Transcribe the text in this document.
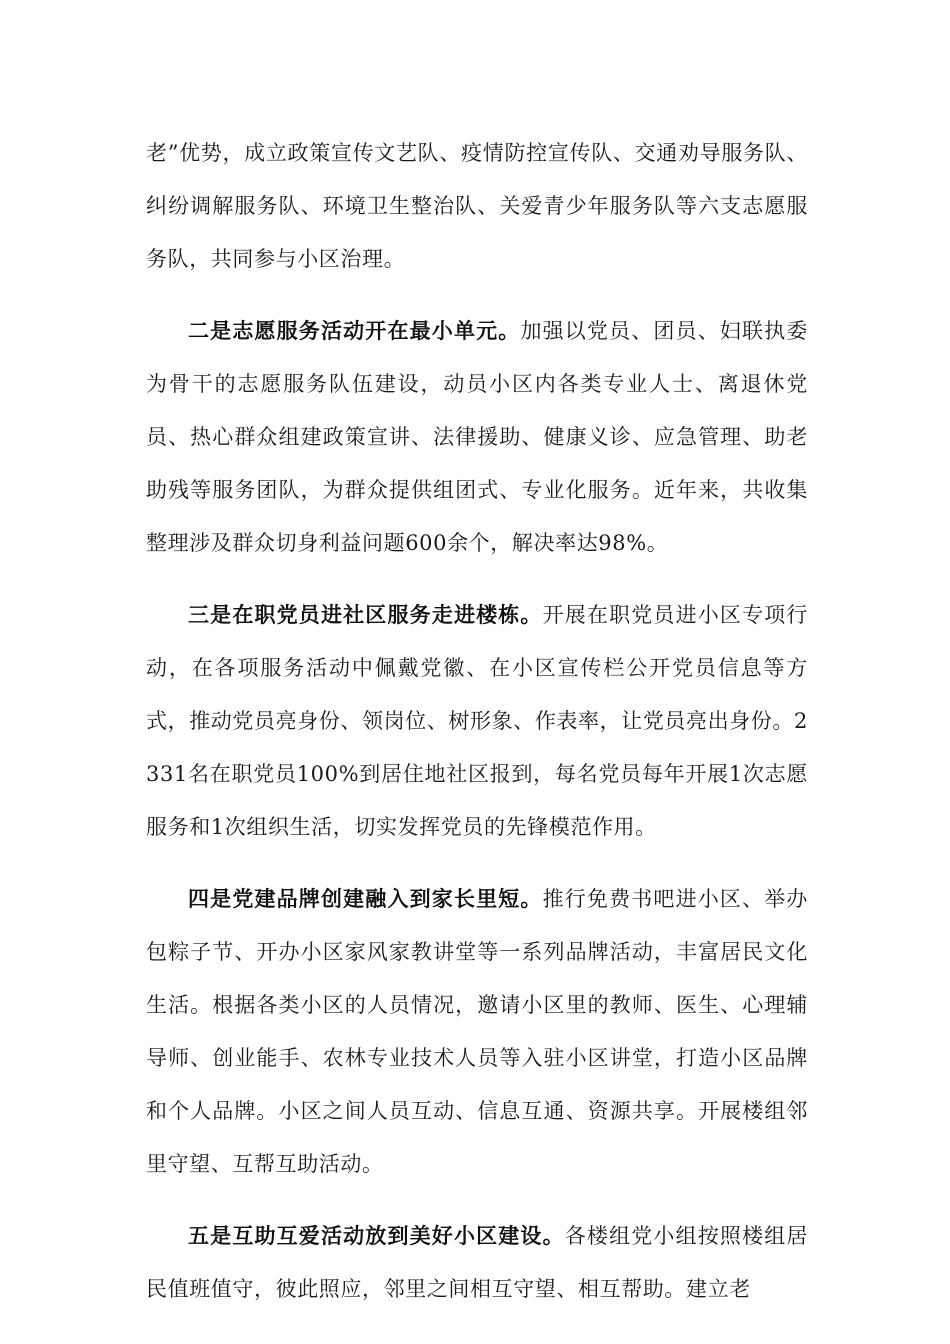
老”优势，成立政策宣传文艺队、疫情防控宣传队、交通劝导服务队、纠纷调解服务队、环境卫生整治队、关爱青少年服务队等六支志愿服务队，共同参与小区治理。

二是志愿服务活动开在最小单元。加强以党员、团员、妇联执委为骨干的志愿服务队伍建设，动员小区内各类专业人士、离退休党员、热心群众组建政策宣讲、法律援助、健康义诊、应急管理、助老助残等服务团队，为群众提供组团式、专业化服务。近年来，共收集整理涉及群众切身利益问题600余个，解决率达98%。

三是在职党员进社区服务走进楼栋。开展在职党员进小区专项行动，在各项服务活动中佩戴党徽、在小区宣传栏公开党员信息等方式，推动党员亮身份、领岗位、树形象、作表率，让党员亮出身份。2331名在职党员100%到居住地社区报到，每名党员每年开展1次志愿服务和1次组织生活，切实发挥党员的先锋模范作用。

四是党建品牌创建融入到家长里短。推行免费书吧进小区、举办包粽子节、开办小区家风家教讲堂等一系列品牌活动，丰富居民文化生活。根据各类小区的人员情况，邀请小区里的教师、医生、心理辅导师、创业能手、农林专业技术人员等入驻小区讲堂，打造小区品牌和个人品牌。小区之间人员互动、信息互通、资源共享。开展楼组邻里守望、互帮互助活动。

五是互助互爱活动放到美好小区建设。各楼组党小组按照楼组居民值班值守，彼此照应，邻里之间相互守望、相互帮助。建立老
